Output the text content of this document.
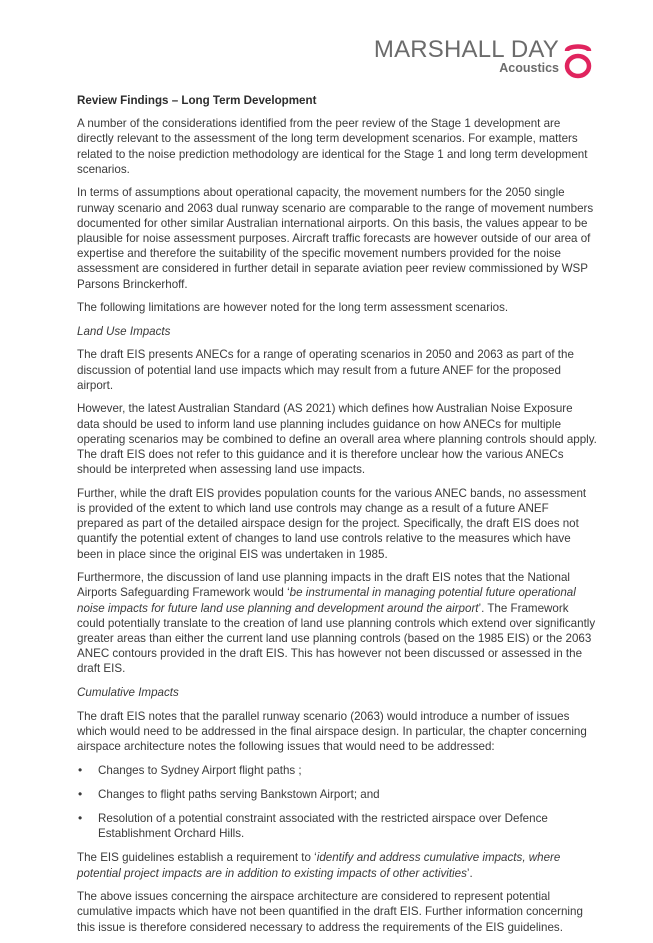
MARSHALL DAY
Acoustics

Review Findings – Long Term Development

A number of the considerations identified from the peer review of the Stage 1 development are directly relevant to the assessment of the long term development scenarios. For example, matters related to the noise prediction methodology are identical for the Stage 1 and long term development scenarios.

In terms of assumptions about operational capacity, the movement numbers for the 2050 single runway scenario and 2063 dual runway scenario are comparable to the range of movement numbers documented for other similar Australian international airports. On this basis, the values appear to be plausible for noise assessment purposes. Aircraft traffic forecasts are however outside of our area of expertise and therefore the suitability of the specific movement numbers provided for the noise assessment are considered in further detail in separate aviation peer review commissioned by WSP Parsons Brinckerhoff.

The following limitations are however noted for the long term assessment scenarios.

Land Use Impacts

The draft EIS presents ANECs for a range of operating scenarios in 2050 and 2063 as part of the discussion of potential land use impacts which may result from a future ANEF for the proposed airport.

However, the latest Australian Standard (AS 2021) which defines how Australian Noise Exposure data should be used to inform land use planning includes guidance on how ANECs for multiple operating scenarios may be combined to define an overall area where planning controls should apply. The draft EIS does not refer to this guidance and it is therefore unclear how the various ANECs should be interpreted when assessing land use impacts.

Further, while the draft EIS provides population counts for the various ANEC bands, no assessment is provided of the extent to which land use controls may change as a result of a future ANEF prepared as part of the detailed airspace design for the project. Specifically, the draft EIS does not quantify the potential extent of changes to land use controls relative to the measures which have been in place since the original EIS was undertaken in 1985.

Furthermore, the discussion of land use planning impacts in the draft EIS notes that the National Airports Safeguarding Framework would ‘be instrumental in managing potential future operational noise impacts for future land use planning and development around the airport’. The Framework could potentially translate to the creation of land use planning controls which extend over significantly greater areas than either the current land use planning controls (based on the 1985 EIS) or the 2063 ANEC contours provided in the draft EIS. This has however not been discussed or assessed in the draft EIS.

Cumulative Impacts

The draft EIS notes that the parallel runway scenario (2063) would introduce a number of issues which would need to be addressed in the final airspace design. In particular, the chapter concerning airspace architecture notes the following issues that would need to be addressed:

• Changes to Sydney Airport flight paths ;
• Changes to flight paths serving Bankstown Airport; and
• Resolution of a potential constraint associated with the restricted airspace over Defence Establishment Orchard Hills.

The EIS guidelines establish a requirement to ‘identify and address cumulative impacts, where potential project impacts are in addition to existing impacts of other activities’.

The above issues concerning the airspace architecture are considered to represent potential cumulative impacts which have not been quantified in the draft EIS. Further information concerning this issue is therefore considered necessary to address the requirements of the EIS guidelines.
